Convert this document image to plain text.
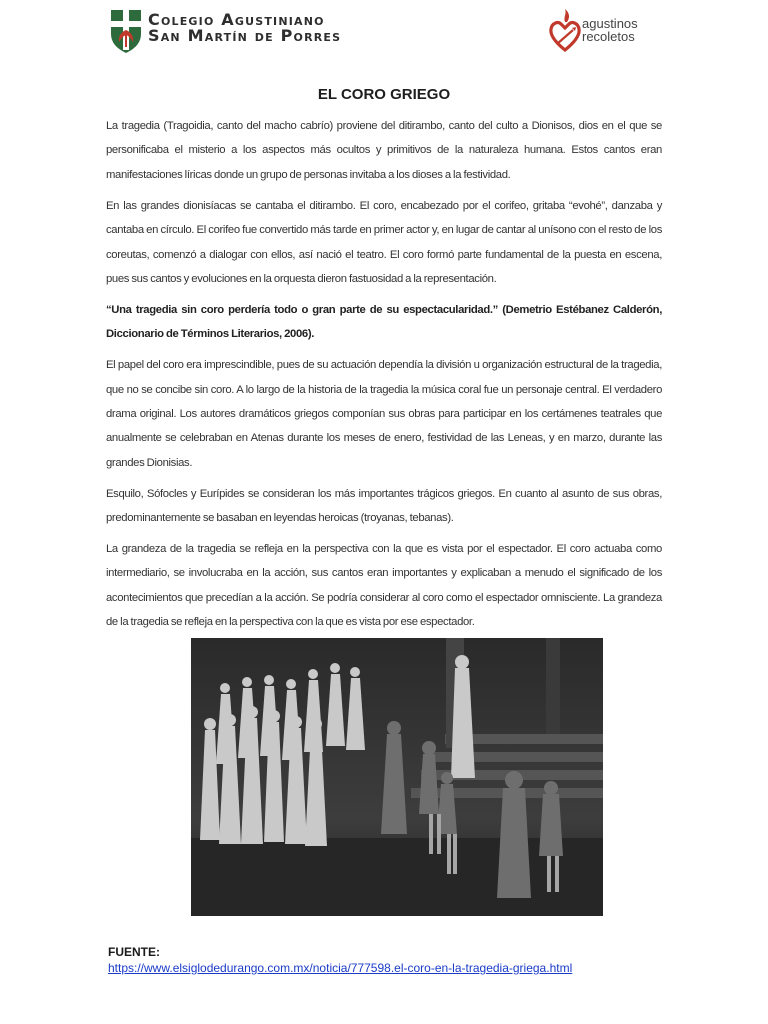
Colegio Agustiniano
San Martín de Porres
agustinos
recoletos
EL CORO GRIEGO

La tragedia (Tragoidia, canto del macho cabrío) proviene del ditirambo, canto del culto a Dionisos, dios en el que se personificaba el misterio a los aspectos más ocultos y primitivos de la naturaleza humana. Estos cantos eran manifestaciones líricas donde un grupo de personas invitaba a los dioses a la festividad.

En las grandes dionisíacas se cantaba el ditirambo. El coro, encabezado por el corifeo, gritaba “evohé”, danzaba y cantaba en círculo. El corifeo fue convertido más tarde en primer actor y, en lugar de cantar al unísono con el resto de los coreutas, comenzó a dialogar con ellos, así nació el teatro. El coro formó parte fundamental de la puesta en escena, pues sus cantos y evoluciones en la orquesta dieron fastuosidad a la representación.

“Una tragedia sin coro perdería todo o gran parte de su espectacularidad.” (Demetrio Estébanez Calderón, Diccionario de Términos Literarios, 2006).

El papel del coro era imprescindible, pues de su actuación dependía la división u organización estructural de la tragedia, que no se concibe sin coro. A lo largo de la historia de la tragedia la música coral fue un personaje central. El verdadero drama original. Los autores dramáticos griegos componían sus obras para participar en los certámenes teatrales que anualmente se celebraban en Atenas durante los meses de enero, festividad de las Leneas, y en marzo, durante las grandes Dionisias.

Esquilo, Sófocles y Eurípides se consideran los más importantes trágicos griegos. En cuanto al asunto de sus obras, predominantemente se basaban en leyendas heroicas (troyanas, tebanas).

La grandeza de la tragedia se refleja en la perspectiva con la que es vista por el espectador. El coro actuaba como intermediario, se involucraba en la acción, sus cantos eran importantes y explicaban a menudo el significado de los acontecimientos que precedían a la acción. Se podría considerar al coro como el espectador omnisciente. La grandeza de la tragedia se refleja en la perspectiva con la que es vista por ese espectador.

FUENTE:
https://www.elsiglodedurango.com.mx/noticia/777598.el-coro-en-la-tragedia-griega.html
